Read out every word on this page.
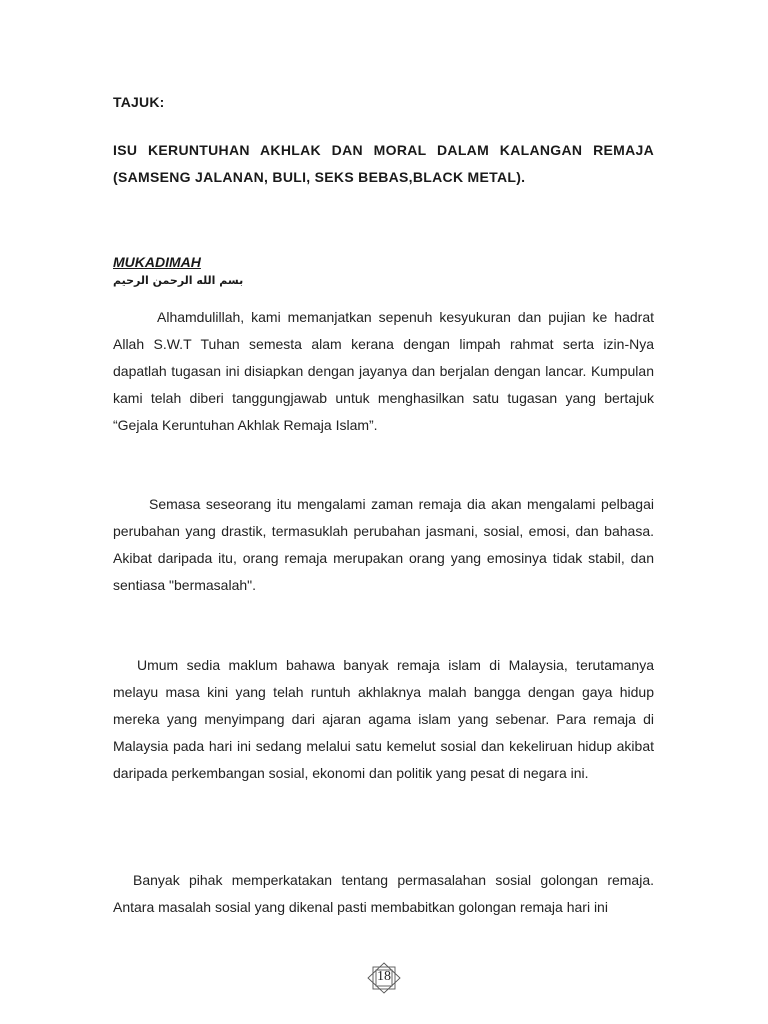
TAJUK:
ISU KERUNTUHAN AKHLAK DAN MORAL DALAM KALANGAN REMAJA
(SAMSENG JALANAN, BULI, SEKS BEBAS,BLACK METAL).
MUKADIMAH
بسم الله الرحمن الرحيم

Alhamdulillah, kami memanjatkan sepenuh kesyukuran dan pujian ke hadrat Allah S.W.T Tuhan semesta alam kerana dengan limpah rahmat serta izin-Nya dapatlah tugasan ini disiapkan dengan jayanya dan berjalan dengan lancar. Kumpulan kami telah diberi tanggungjawab untuk menghasilkan satu tugasan yang bertajuk “Gejala Keruntuhan Akhlak Remaja Islam”.

Semasa seseorang itu mengalami zaman remaja dia akan mengalami pelbagai perubahan yang drastik, termasuklah perubahan jasmani, sosial, emosi, dan bahasa. Akibat daripada itu, orang remaja merupakan orang yang emosinya tidak stabil, dan sentiasa "bermasalah".

Umum sedia maklum bahawa banyak remaja islam di Malaysia, terutamanya melayu masa kini yang telah runtuh akhlaknya malah bangga dengan gaya hidup mereka yang menyimpang dari ajaran agama islam yang sebenar. Para remaja di Malaysia pada hari ini sedang melalui satu kemelut sosial dan kekeliruan hidup akibat daripada perkembangan sosial, ekonomi dan politik yang pesat di negara ini.

Banyak pihak memperkatakan tentang permasalahan sosial golongan remaja. Antara masalah sosial yang dikenal pasti membabitkan golongan remaja hari ini

18
